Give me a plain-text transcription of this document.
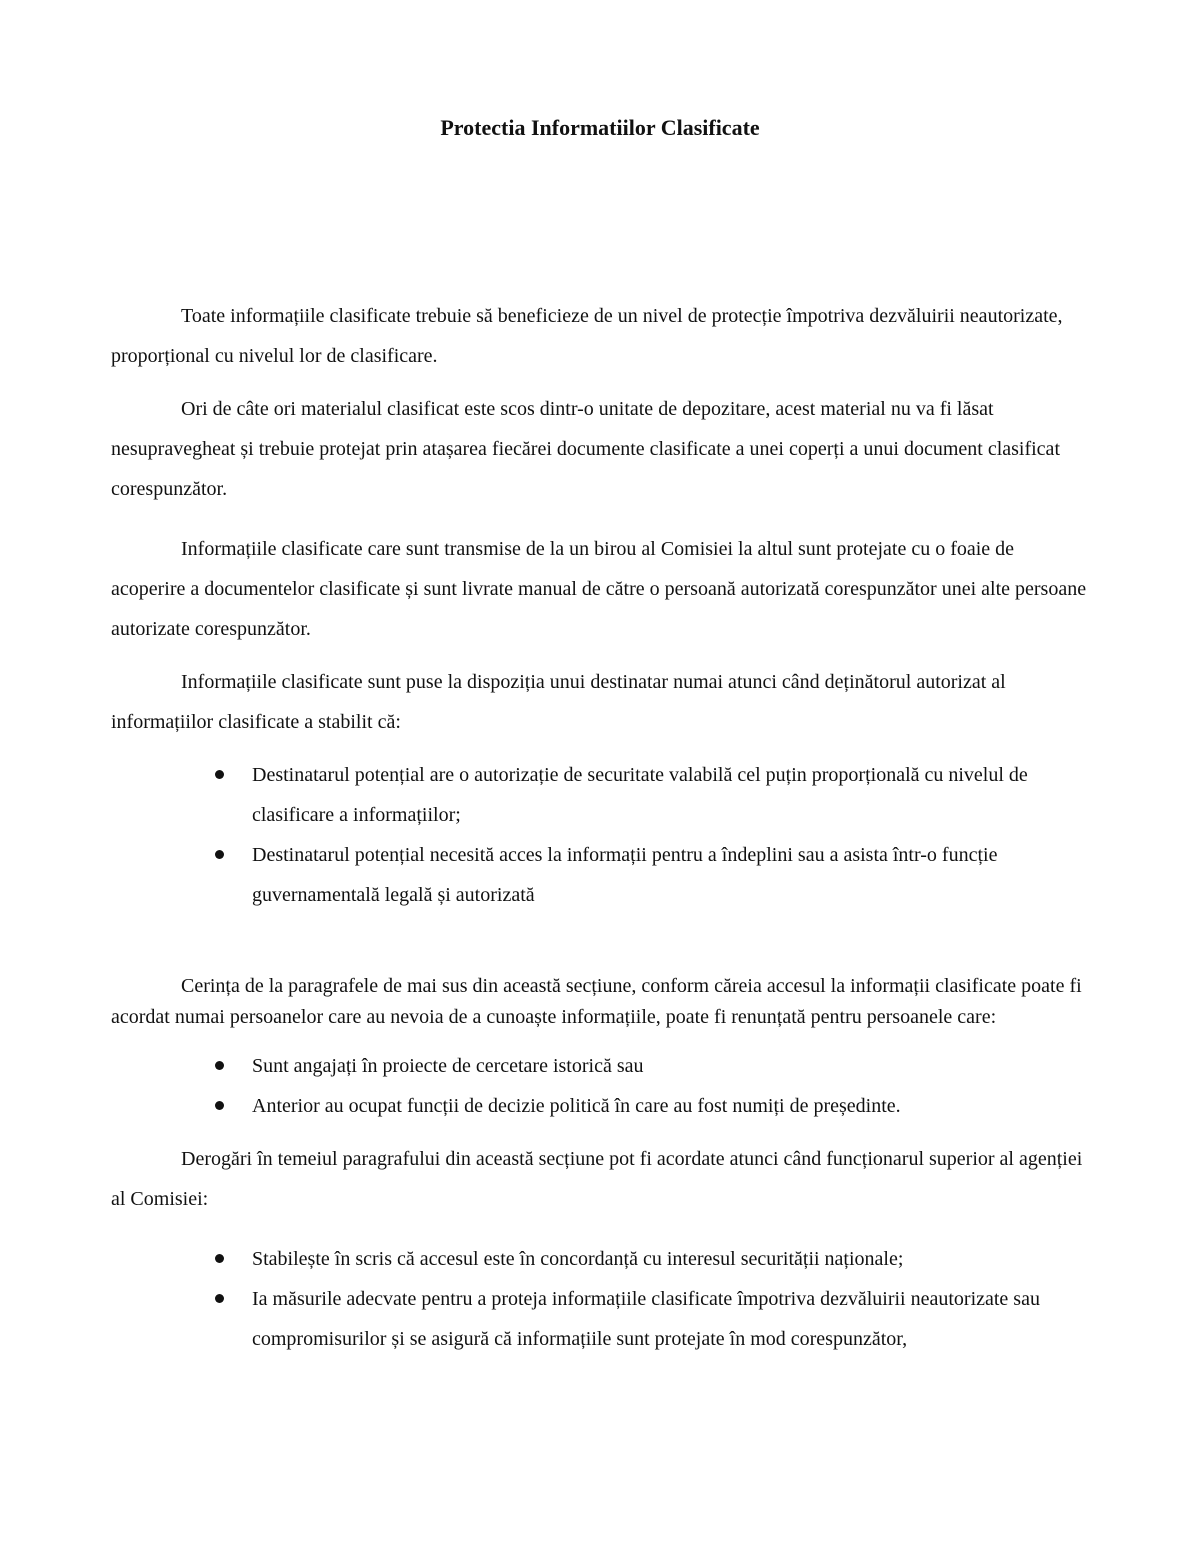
Protectia Informatiilor Clasificate

Toate informațiile clasificate trebuie să beneficieze de un nivel de protecție împotriva dezvăluirii neautorizate, proporțional cu nivelul lor de clasificare.

Ori de câte ori materialul clasificat este scos dintr-o unitate de depozitare, acest material nu va fi lăsat nesupravegheat și trebuie protejat prin atașarea fiecărei documente clasificate a unei coperți a unui document clasificat corespunzător.

Informațiile clasificate care sunt transmise de la un birou al Comisiei la altul sunt protejate cu o foaie de acoperire a documentelor clasificate și sunt livrate manual de către o persoană autorizată corespunzător unei alte persoane autorizate corespunzător.

Informațiile clasificate sunt puse la dispoziția unui destinatar numai atunci când deținătorul autorizat al informațiilor clasificate a stabilit că:

Destinatarul potențial are o autorizație de securitate valabilă cel puțin proporțională cu nivelul de clasificare a informațiilor;
Destinatarul potențial necesită acces la informații pentru a îndeplini sau a asista într-o funcție guvernamentală legală și autorizată

Cerința de la paragrafele de mai sus din această secțiune, conform căreia accesul la informații clasificate poate fi acordat numai persoanelor care au nevoia de a cunoaște informațiile, poate fi renunțată pentru persoanele care:

Sunt angajați în proiecte de cercetare istorică sau
Anterior au ocupat funcții de decizie politică în care au fost numiți de președinte.

Derogări în temeiul paragrafului din această secțiune pot fi acordate atunci când funcționarul superior al agenției al Comisiei:

Stabilește în scris că accesul este în concordanță cu interesul securității naționale;
Ia măsurile adecvate pentru a proteja informațiile clasificate împotriva dezvăluirii neautorizate sau compromisurilor și se asigură că informațiile sunt protejate în mod corespunzător,
